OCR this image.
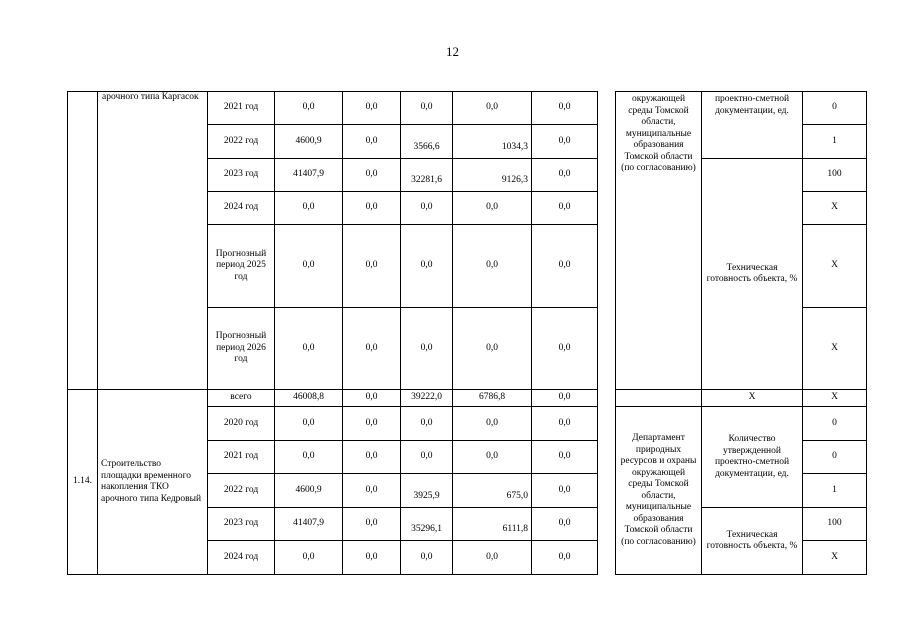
12
	арочного типа Каргасок	2021 год	0,0	0,0	0,0	0,0	0,0		окружающей среды Томской области, муниципальные образования Томской области (по согласованию)	проектно-сметной документации, ед.	0
		2022 год	4600,9	0,0	3566,6	1034,3	0,0				1
		2023 год	41407,9	0,0	32281,6	9126,3	0,0			Техническая готовность объекта, %	100
		2024 год	0,0	0,0	0,0	0,0	0,0				Х
		Прогнозный период 2025 год	0,0	0,0	0,0	0,0	0,0				Х
		Прогнозный период 2026 год	0,0	0,0	0,0	0,0	0,0				Х
1.14.	Строительство площадки временного накопления ТКО арочного типа Кедровый	всего	46008,8	0,0	39222,0	6786,8	0,0			Х	Х
		2020 год	0,0	0,0	0,0	0,0	0,0		Департамент природных ресурсов и охраны окружающей среды Томской области, муниципальные образования Томской области (по согласованию)	Количество утвержденной проектно-сметной документации, ед.	0
		2021 год	0,0	0,0	0,0	0,0	0,0				0
		2022 год	4600,9	0,0	3925,9	675,0	0,0				1
		2023 год	41407,9	0,0	35296,1	6111,8	0,0			Техническая готовность объекта, %	100
		2024 год	0,0	0,0	0,0	0,0	0,0				Х
